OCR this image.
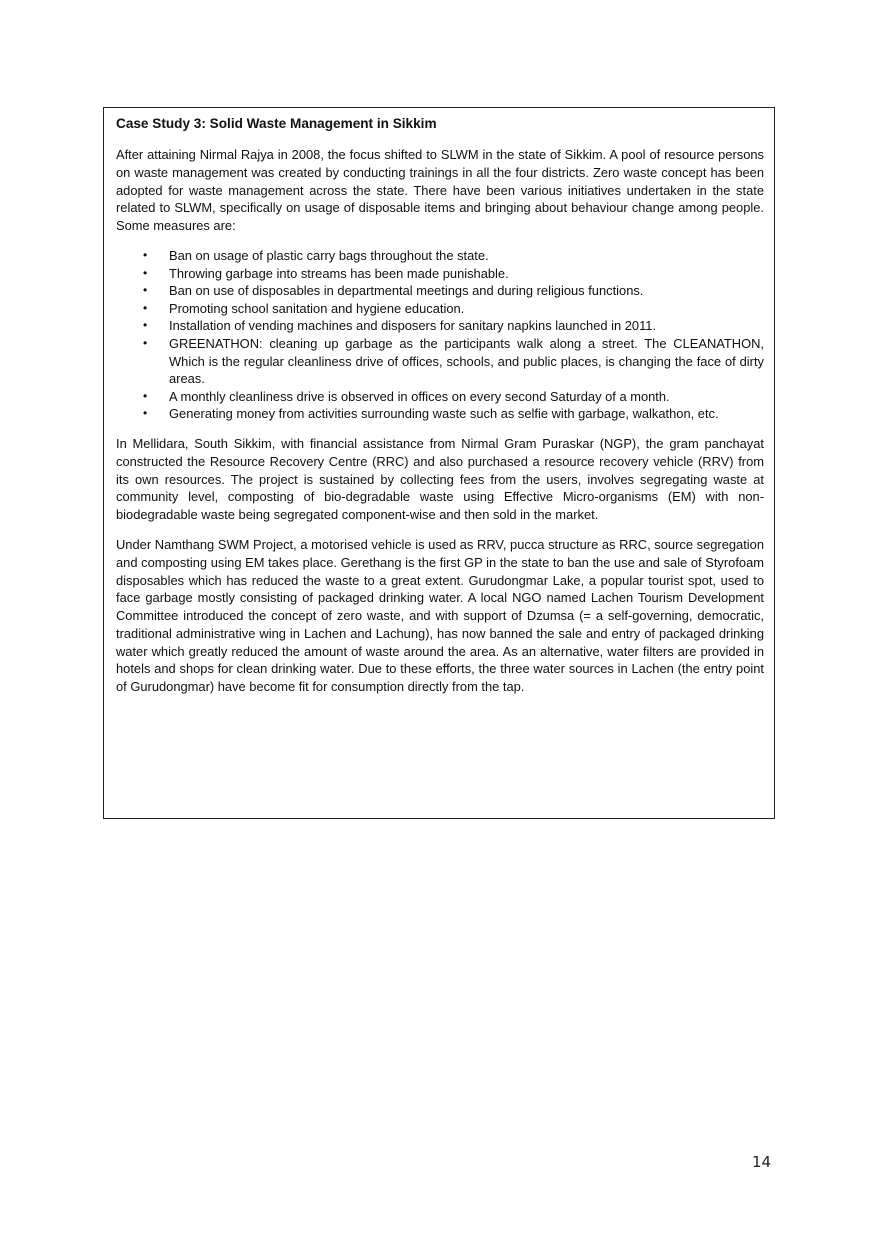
Case Study 3: Solid Waste Management in Sikkim

After attaining Nirmal Rajya in 2008, the focus shifted to SLWM in the state of Sikkim. A pool of resource persons on waste management was created by conducting trainings in all the four districts. Zero waste concept has been adopted for waste management across the state. There have been various initiatives undertaken in the state related to SLWM, specifically on usage of disposable items and bringing about behaviour change among people. Some measures are:

• Ban on usage of plastic carry bags throughout the state.
• Throwing garbage into streams has been made punishable.
• Ban on use of disposables in departmental meetings and during religious functions.
• Promoting school sanitation and hygiene education.
• Installation of vending machines and disposers for sanitary napkins launched in 2011.
• GREENATHON: cleaning up garbage as the participants walk along a street. The CLEANATHON, Which is the regular cleanliness drive of offices, schools, and public places, is changing the face of dirty areas.
• A monthly cleanliness drive is observed in offices on every second Saturday of a month.
• Generating money from activities surrounding waste such as selfie with garbage, walkathon, etc.

In Mellidara, South Sikkim, with financial assistance from Nirmal Gram Puraskar (NGP), the gram panchayat constructed the Resource Recovery Centre (RRC) and also purchased a resource recovery vehicle (RRV) from its own resources. The project is sustained by collecting fees from the users, involves segregating waste at community level, composting of bio-degradable waste using Effective Micro-organisms (EM) with non-biodegradable waste being segregated component-wise and then sold in the market.

Under Namthang SWM Project, a motorised vehicle is used as RRV, pucca structure as RRC, source segregation and composting using EM takes place. Gerethang is the first GP in the state to ban the use and sale of Styrofoam disposables which has reduced the waste to a great extent. Gurudongmar Lake, a popular tourist spot, used to face garbage mostly consisting of packaged drinking water. A local NGO named Lachen Tourism Development Committee introduced the concept of zero waste, and with support of Dzumsa (= a self-governing, democratic, traditional administrative wing in Lachen and Lachung), has now banned the sale and entry of packaged drinking water which greatly reduced the amount of waste around the area. As an alternative, water filters are provided in hotels and shops for clean drinking water. Due to these efforts, the three water sources in Lachen (the entry point of Gurudongmar) have become fit for consumption directly from the tap.

14
